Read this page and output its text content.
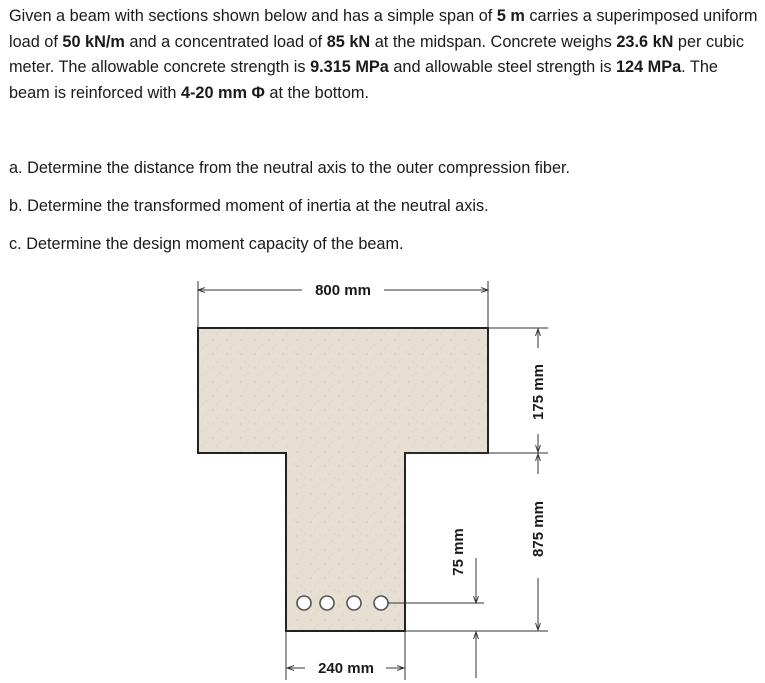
Given a beam with sections shown below and has a simple span of 5 m carries a superimposed uniform load of 50 kN/m and a concentrated load of 85 kN at the midspan. Concrete weighs 23.6 kN per cubic meter. The allowable concrete strength is 9.315 MPa and allowable steel strength is 124 MPa. The beam is reinforced with 4-20 mm Φ at the bottom.
a. Determine the distance from the neutral axis to the outer compression fiber.
b. Determine the transformed moment of inertia at the neutral axis.
c. Determine the design moment capacity of the beam.
800 mm
240 mm
75 mm
175 mm
875 mm
